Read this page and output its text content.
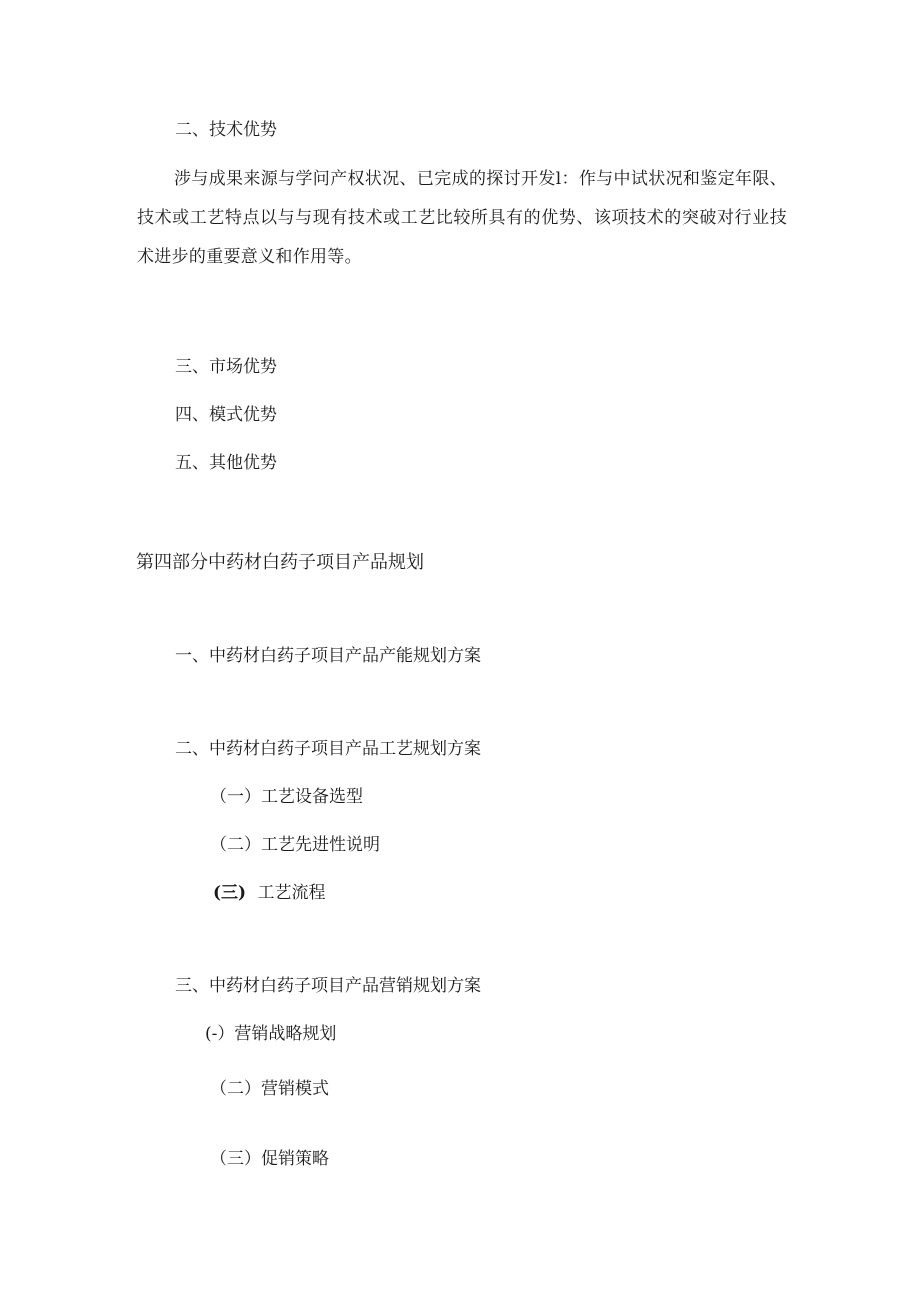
二、技术优势
涉与成果来源与学问产权状况、已完成的探讨开发l：作与中试状况和鉴定年限、技术或工艺特点以与与现有技术或工艺比较所具有的优势、该项技术的突破对行业技术进步的重要意义和作用等。
三、市场优势
四、模式优势
五、其他优势
第四部分中药材白药子项目产品规划
一、中药材白药子项目产品产能规划方案
二、中药材白药子项目产品工艺规划方案
（一）工艺设备选型
（二）工艺先进性说明
(三) 工艺流程
三、中药材白药子项目产品营销规划方案
(-）营销战略规划
（二）营销模式
（三）促销策略
